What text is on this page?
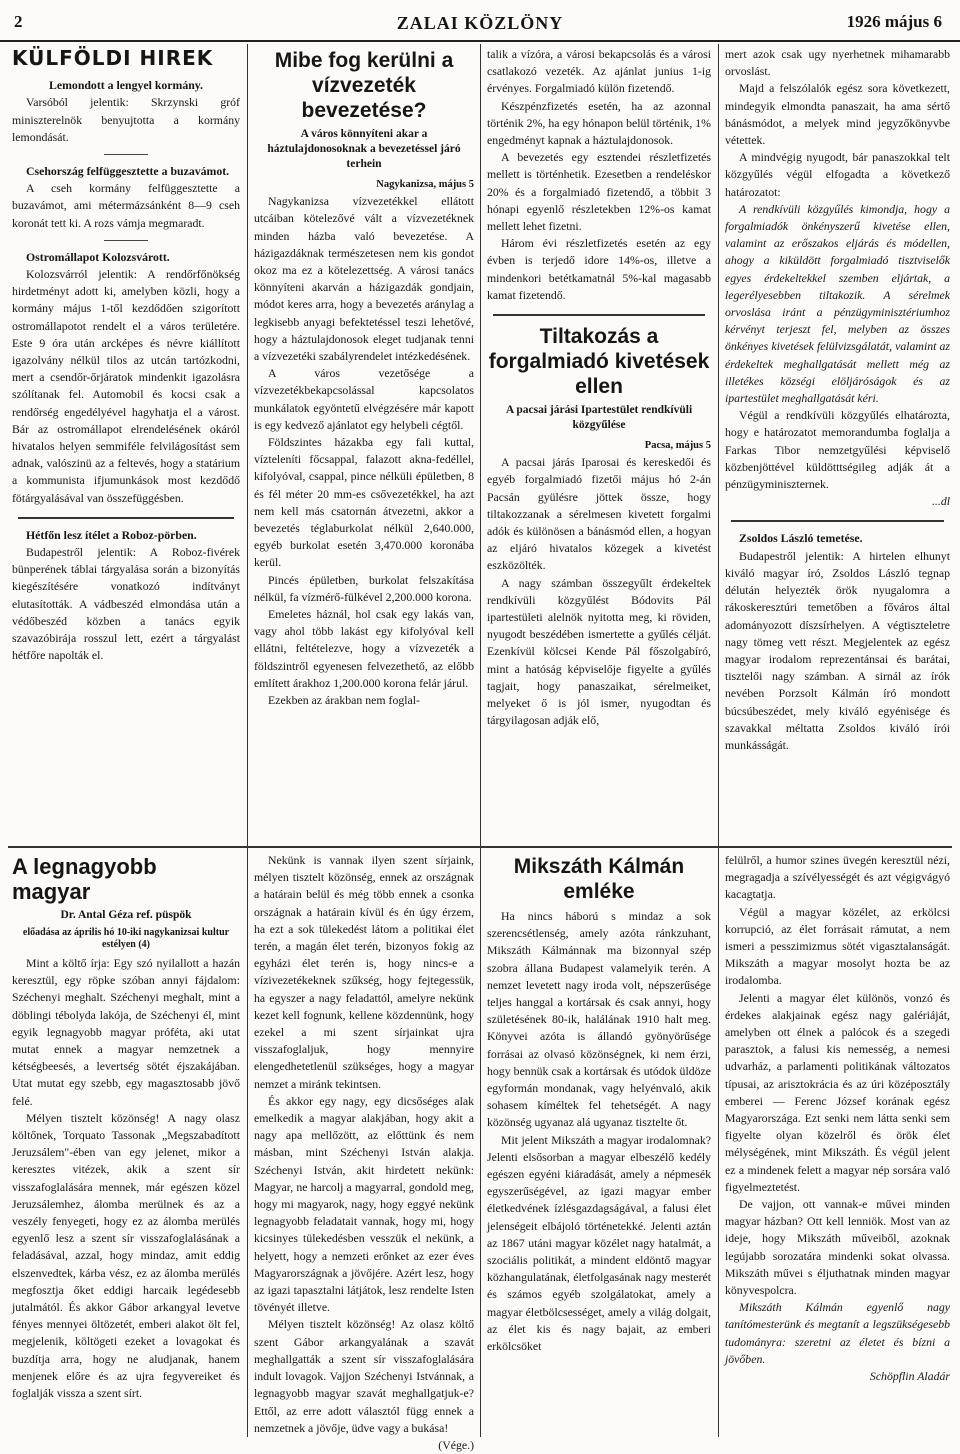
2	ZALAI KÖZLÖNY	1926 május 6
KÜLFÖLDI HIREK

Lemondott a lengyel kormány.

Varsóból jelentik: Skrzynski gróf miniszterelnök benyujtotta a kormány lemondását.

Csehország felfüggesztette a buzavámot.

A cseh kormány felfüggesztette a buzavámot, ami métermázsánként 8—9 cseh koronát tett ki. A rozs vámja megmaradt.

Ostromállapot Kolozsvárott.

Kolozsvárról jelentik: A rendőrfőnökség hirdetményt adott ki, amelyben közli, hogy a kormány május 1-től kezdődően szigorított ostromállapotot rendelt el a város területére. Este 9 óra után arcképes és névre kiállított igazolvány nélkül tilos az utcán tartózkodni, mert a csendőr-őrjáratok mindenkit igazolásra szólítanak fel. Automobil és kocsi csak a rendőrség engedélyével hagyhatja el a várost. Bár az ostromállapot elrendelésének okáról hivatalos helyen semmiféle felvilágosítást sem adnak, valószinü az a feltevés, hogy a statárium a kommunista ifjumunkások most kezdődő fötárgyalásával van összefüggésben.

Hétfőn lesz ítélet a Roboz-pörben.

Budapestről jelentik: A Roboz-fivérek bünperének táblai tárgyalása során a bizonyítás kiegészítésére vonatkozó indítványt elutasították. A vádbeszéd elmondása után a védőbeszéd közben a tanács egyik szavazóbirája rosszul lett, ezért a tárgyalást hétfőre napolták el.

Mibe fog kerülni a vízvezeték bevezetése?
A város könnyíteni akar a háztulajdonosoknak a bevezetéssel járó terhein

Nagykanizsa, május 5

Nagykanizsa vízvezetékkel ellátott utcáiban kötelezővé vált a vízvezetéknek minden házba való bevezetése. A házigazdáknak természetesen nem kis gondot okoz ma ez a kötelezettség. A városi tanács könnyíteni akarván a házigazdák gondjain, módot keres arra, hogy a bevezetés aránylag a legkisebb anyagi befektetéssel teszi lehetővé, hogy a háztulajdonosok eleget tudjanak tenni a vízvezetéki szabályrendelet intézkedésének.

A város vezetősége a vízvezetékbekapcsolással kapcsolatos munkálatok egyöntetű elvégzésére már kapott is egy kedvező ajánlatot egy helybeli cégtől.

Földszintes házakba egy fali kuttal, vízteleníti főcsappal, falazott akna-fedéllel, kifolyóval, csappal, pince nélküli épületben, 8 és fél méter 20 mm-es csővezetékkel, ha azt nem kell más csatornán átvezetni, akkor a bevezetés téglaburkolat nélkül 2,640.000, egyéb burkolat esetén 3,470.000 koronába kerül.

Pincés épületben, burkolat felszakítása nélkül, fa vízmérő-fülkével 2,200.000 korona.

Emeletes háznál, hol csak egy lakás van, vagy ahol több lakást egy kifolyóval kell ellátni, feltételezve, hogy a vízvezeték a földszintről egyenesen felvezethető, az előbb említett árakhoz 1,200.000 korona felár járul.

Ezekben az árakban nem foglal-

talik a vízóra, a városi bekapcsolás és a városi csatlakozó vezeték. Az ajánlat junius 1-ig érvényes. Forgalmiadó külön fizetendő.

Készpénzfizetés esetén, ha az azonnal történik 2%, ha egy hónapon belül történik, 1% engedményt kapnak a háztulajdonosok.

A bevezetés egy esztendei részletfizetés mellett is történhetik. Ezesetben a rendeléskor 20% és a forgalmiadó fizetendő, a többit 3 hónapi egyenlő részletekben 12%-os kamat mellett lehet fizetni.

Három évi részletfizetés esetén az egy évben is terjedő idore 14%-os, illetve a mindenkori betétkamatnál 5%-kal magasabb kamat fizetendő.

Tiltakozás a forgalmiadó kivetések ellen
A pacsai járási Ipartestület rendkívüli közgyűlése

Pacsa, május 5

A pacsai járás Iparosai és kereskedői és egyéb forgalmiadó fizetői május hó 2-án Pacsán gyülésre jöttek össze, hogy tiltakozzanak a sérelmesen kivetett forgalmi adók és különösen a bánásmód ellen, a hogyan az eljáró hivatalos közegek a kivetést eszközölték.

A nagy számban összegyűlt érdekeltek rendkívüli közgyűlést Bódovits Pál ipartestületi alelnök nyitotta meg, ki röviden, nyugodt beszédében ismertette a gyűlés célját. Ezenkívül kölcsei Kende Pál főszolgabíró, mint a hatóság képviselője figyelte a gyűlés tagjait, hogy panaszaikat, sérelmeiket, melyeket ő is jól ismer, nyugodtan és tárgyilagosan adják elő,

mert azok csak ugy nyerhetnek mihamarabb orvoslást.

Majd a felszólalók egész sora következett, mindegyik elmondta panaszait, ha ama sértő bánásmódot, a melyek mind jegyzőkönyvbe vétettek.

A mindvégig nyugodt, bár panaszokkal telt közgyűlés végül elfogadta a következő határozatot:

A rendkívüli közgyűlés kimondja, hogy a forgalmiadók önkényszerű kivetése ellen, valamint az erőszakos eljárás és módellen, ahogy a kiküldött forgalmiadó tisztviselők egyes érdekeltekkel szemben eljártak, a legerélyesebben tiltakozik. A sérelmek orvoslása iránt a pénzügyminisztériumhoz kérvényt terjeszt fel, melyben az összes önkényes kivetések felülvizsgálatát, valamint az érdekeltek meghallgatását mellett még az illetékes községi elöljáróságok és az ipartestület meghallgatását kéri.

Végül a rendkívüli közgyűlés elhatározta, hogy e határozatot memorandumba foglalja a Farkas Tibor nemzetgyűlési képviselő közbenjöttével küldötttségileg adják át a pénzügyminiszternek.

...dl

Zsoldos László temetése.

Budapestről jelentik: A hirtelen elhunyt kiváló magyar író, Zsoldos László tegnap délután helyezték örök nyugalomra a rákoskeresztúri temetőben a főváros által adományozott díszsírhelyen. A végtiszteletre nagy tömeg vett részt. Megjelentek az egész magyar irodalom reprezentánsai és barátai, tisztelői nagy számban. A sirnál az írók nevében Porzsolt Kálmán író mondott búcsúbeszédet, mely kiváló egyénisége és szavakkal méltatta Zsoldos kiváló írói munkásságát.

A legnagyobb magyar
Dr. Antal Géza ref. püspök
előadása az április hó 10-iki nagykanizsai kultur estélyen (4)

Mint a költő írja: Egy szó nyilallott a hazán keresztül, egy röpke szóban annyi fájdalom: Széchenyi meghalt. Széchenyi meghalt, mint a döblingi tébolyda lakója, de Széchenyi él, mint egyik legnagyobb magyar próféta, aki utat mutat ennek a magyar nemzetnek a kétségbeesés, a levertség sötét éjszakájában. Utat mutat egy szebb, egy magasztosabb jövő felé.

Mélyen tisztelt közönség! A nagy olasz költőnek, Torquato Tassonak „Megszabadított Jeruzsálem"-ében van egy jelenet, mikor a keresztes vitézek, akik a szent sír visszafoglalására mennek, már egészen közel Jeruzsálemhez, álomba merülnek és az a veszély fenyegeti, hogy ez az álomba merülés egyenlő lesz a szent sír visszafoglalásának a feladásával, azzal, hogy mindaz, amit eddig elszenvedtek, kárba vész, ez az álomba merülés megfosztja őket eddigi harcaik legédesebb jutalmától. És akkor Gábor arkangyal levetve fényes mennyei öltözetét, emberi alakot ölt fel, megjelenik, költögeti ezeket a lovagokat és buzdítja arra, hogy ne aludjanak, hanem menjenek előre és az ujra fegyvereiket és foglalják vissza a szent sírt.

Nekünk is vannak ilyen szent sírjaink, mélyen tisztelt közönség, ennek az országnak a határain belül és még több ennek a csonka országnak a határain kívül és én úgy érzem, ha ezt a sok tülekedést látom a politikai élet terén, a magán élet terén, bizonyos fokig az egyházi élet terén is, hogy nincs-e a vízivezetékeknek szűkség, hogy fejtegessük, ha egyszer a nagy feladattól, amelyre nekünk kezet kell fognunk, kellene közdennünk, hogy ezekel a mi szent sírjainkat ujra visszafoglaljuk, hogy mennyire elengedhetetlenül szükséges, hogy a magyar nemzet a miránk tekintsen.

És akkor egy nagy, egy dicsőséges alak emelkedik a magyar alakjában, hogy akit a nagy apa mellőzött, az előttünk és nem másban, mint Széchenyi István alakja. Széchenyi István, akit hirdetett nekünk: Magyar, ne harcolj a magyarral, gondold meg, hogy mi magyarok, nagy, hogy eggyé nekünk legnagyobb feladatait vannak, hogy mi, hogy kicsinyes tülekedésben vesszük el nekünk, a helyett, hogy a nemzeti erőnket az ezer éves Magyarországnak a jövőjére. Azért lesz, hogy az igazi tapasztalni látjátok, lesz rendelte Isten tövényét illetve.

Mélyen tisztelt közönség! Az olasz költő szent Gábor arkangyalának a szavát meghallgatták a szent sír visszafoglalására indult lovagok. Vajjon Széchenyi Istvánnak, a legnagyobb magyar szavát meghallgatjuk-e? Ettől, az erre adott választól függ ennek a nemzetnek a jövője, üdve vagy a bukása!

(Vége.)

Mikszáth Kálmán emléke

Ha nincs háború s mindaz a sok szerencsétlenség, amely azóta ránkzuhant, Mikszáth Kálmánnak ma bizonnyal szép szobra állana Budapest valamelyik terén. A nemzet levetett nagy iroda volt, népszerűsége teljes hanggal a kortársak és csak annyi, hogy születésének 80-ik, halálának 1910 halt meg. Könyvei azóta is állandó gyönyörűsége forrásai az olvasó közönségnek, ki nem érzi, hogy bennük csak a kortársak és utódok üldöze egyformán mondanak, vagy helyénvaló, akik sohasem kíméltek fel tehetségét. A nagy közönség ugyanaz alá ugyanaz tisztelte őt.

Mit jelent Mikszáth a magyar irodalomnak? Jelenti elsősorban a magyar elbeszélő kedély egészen egyéni kiáradását, amely a népmesék egyszerűségével, az igazi magyar ember életkedvének ízlésgazdagságával, a falusi élet jelenségeit elbájoló történetekké. Jelenti aztán az 1867 utáni magyar közélet nagy hatalmát, a szociális politikát, a mindent eldöntő magyar közhangulatának, életfolgasának nagy mesterét és számos egyéb szolgálatokat, amely a magyar életbölcsességet, amely a világ dolgait, az élet kis és nagy bajait, az emberi erkölcsöket

felülről, a humor szines üvegén keresztül nézi, megragadja a szívélyességét és azt végigvágyó kacagtatja.

Végül a magyar közélet, az erkölcsi korrupció, az élet forrásait rámutat, a nem ismeri a pesszimizmus sötét vigasztalanságát. Mikszáth a magyar mosolyt hozta be az irodalomba.

Jelenti a magyar élet különös, vonzó és érdekes alakjainak egész nagy galériáját, amelyben ott élnek a palócok és a szegedi parasztok, a falusi kis nemesség, a nemesi udvarház, a parlamenti politikának változatos típusai, az arisztokrácia és az úri középosztály emberei — Ferenc József korának egész Magyarországa. Ezt senki nem látta senki sem figyelte olyan közelről és örök élet mélységének, mint Mikszáth. És végül jelent ez a mindenek felett a magyar nép sorsára való figyelmeztetést.

De vajjon, ott vannak-e művei minden magyar házban? Ott kell lenniök. Most van az ideje, hogy Mikszáth műveiből, azoknak legújabb sorozatára mindenki sokat olvassa. Mikszáth művei s éljuthatnak minden magyar könyvespolcra.

Mikszáth Kálmán egyenlő nagy tanítómesterünk és megtanít a legszükségesebb tudományra: szeretni az életet és bízni a jövőben.

Schöpflin Aladár
